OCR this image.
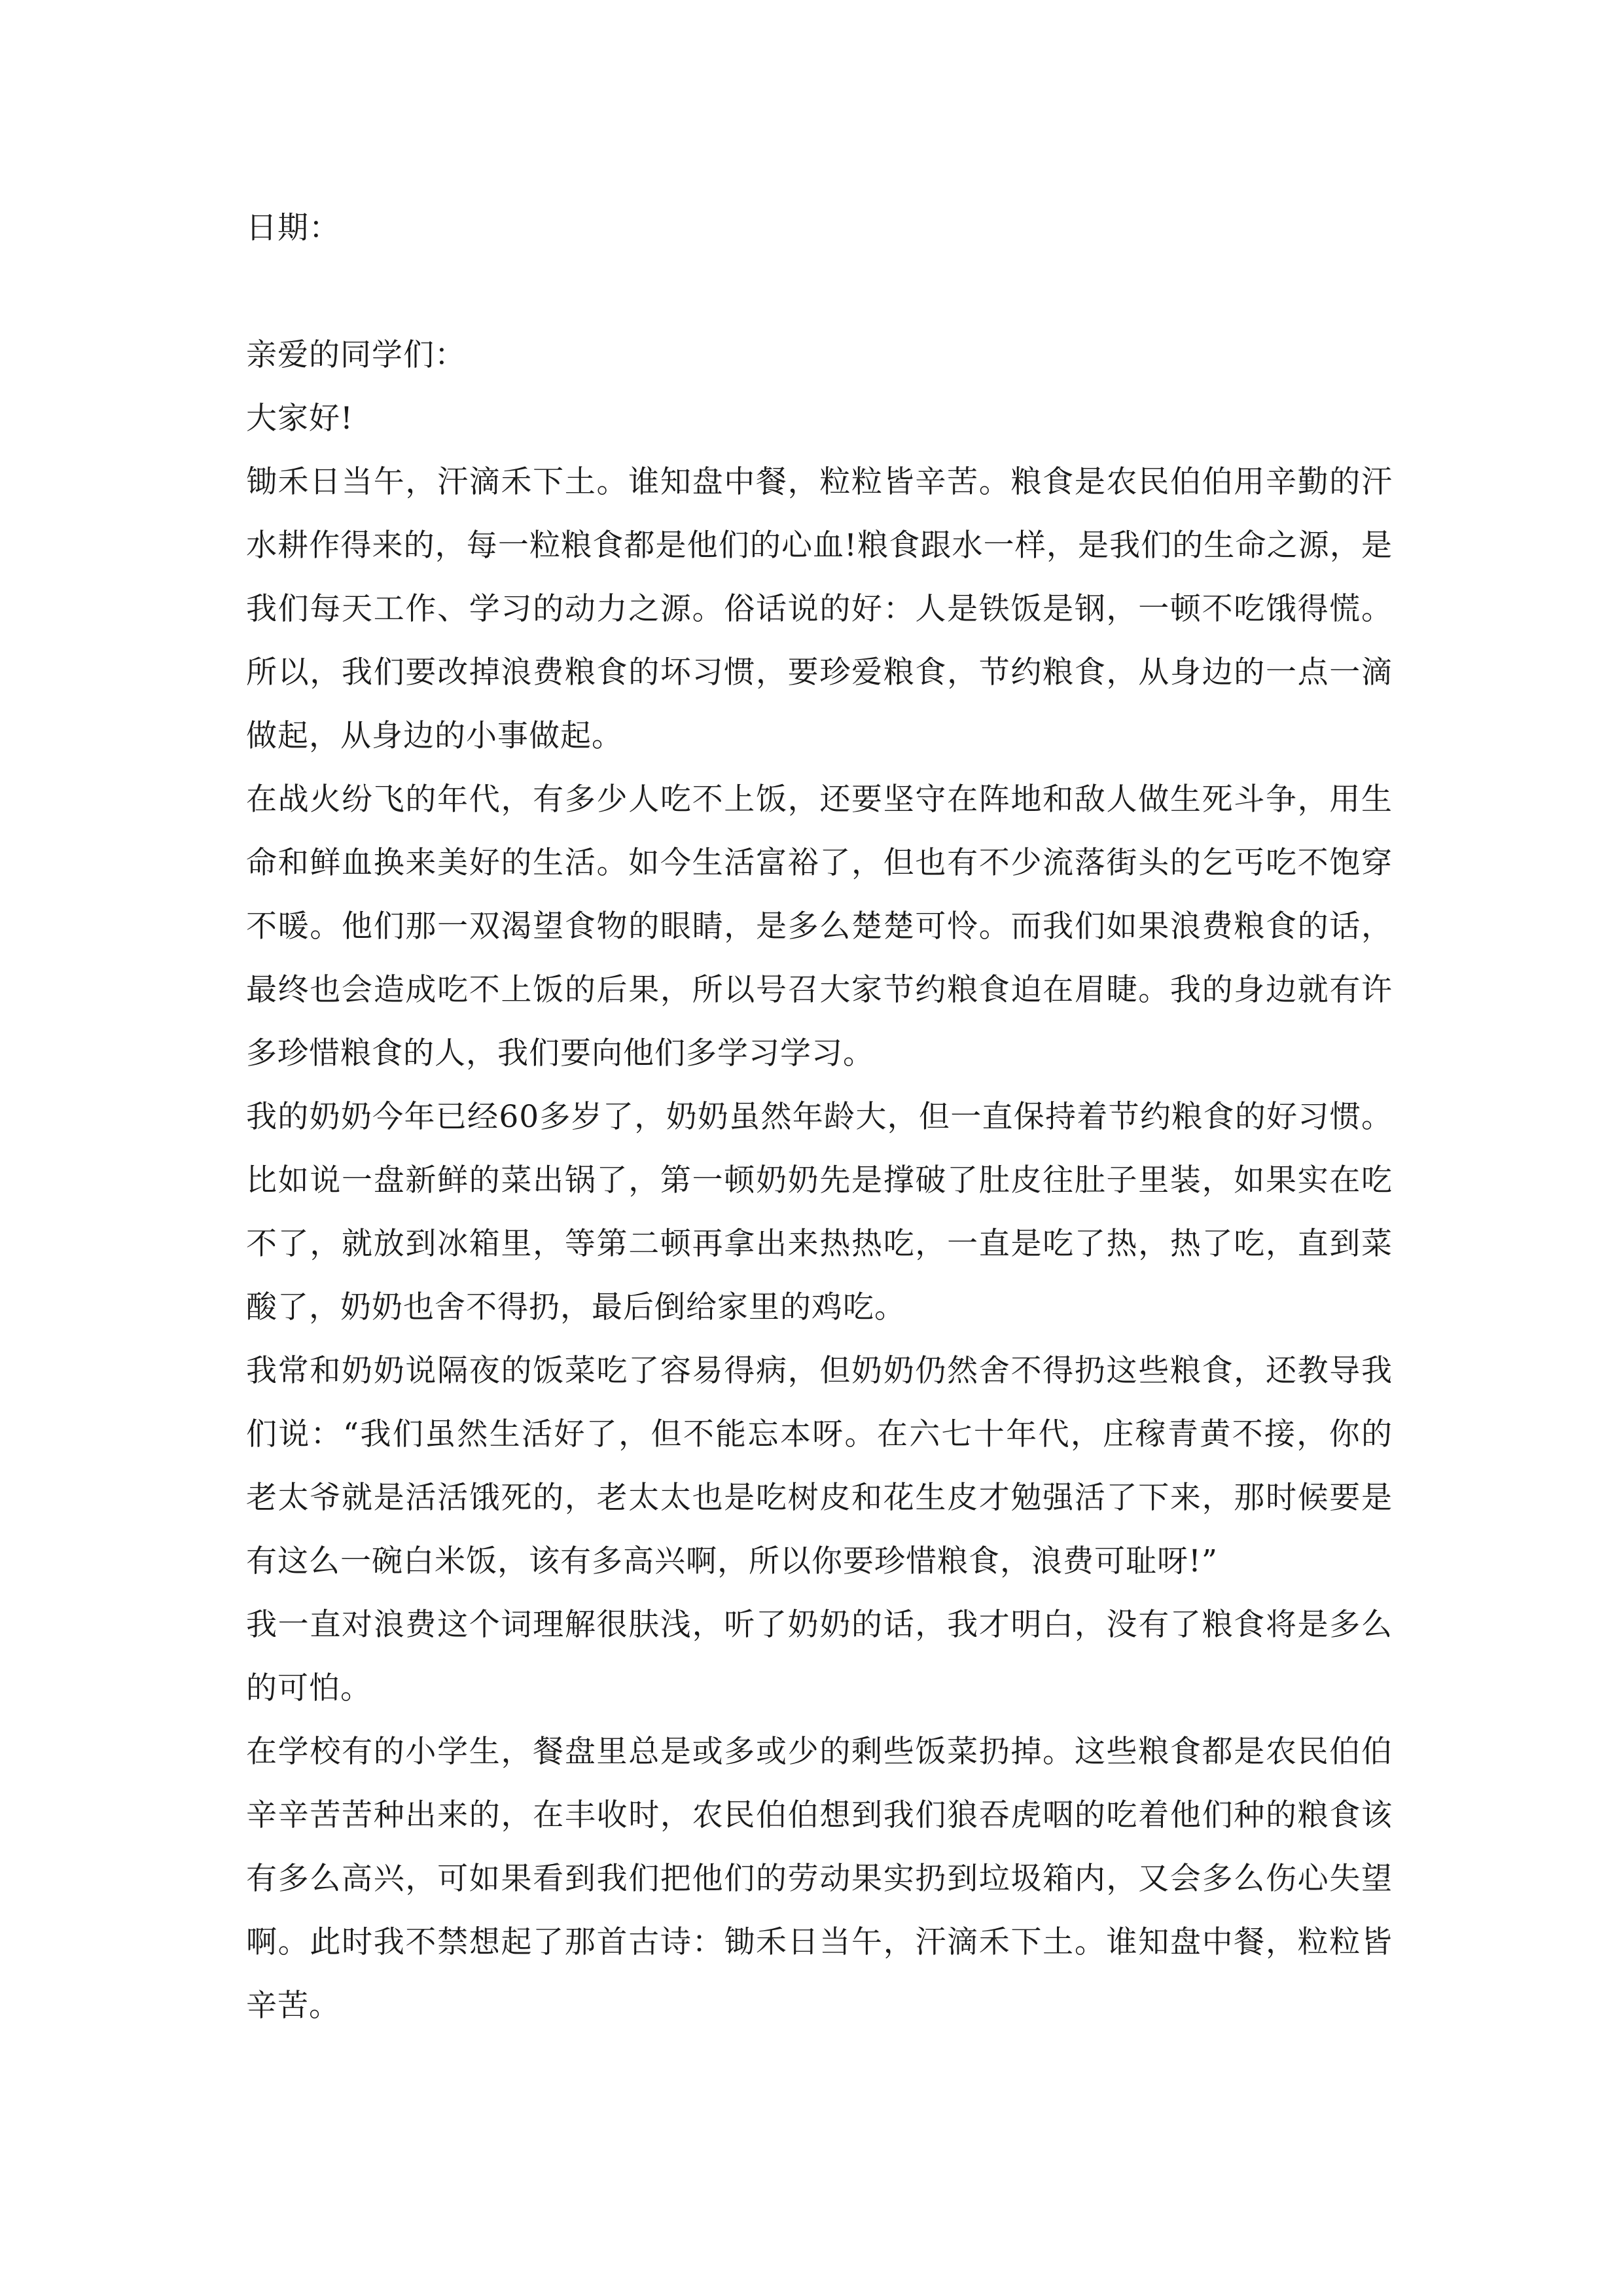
日期：

亲爱的同学们：

大家好!

锄禾日当午，汗滴禾下土。谁知盘中餐，粒粒皆辛苦。粮食是农民伯伯用辛勤的汗水耕作得来的，每一粒粮食都是他们的心血!粮食跟水一样，是我们的生命之源，是我们每天工作、学习的动力之源。俗话说的好：人是铁饭是钢，一顿不吃饿得慌。所以，我们要改掉浪费粮食的坏习惯，要珍爱粮食，节约粮食，从身边的一点一滴做起，从身边的小事做起。

在战火纷飞的年代，有多少人吃不上饭，还要坚守在阵地和敌人做生死斗争，用生命和鲜血换来美好的生活。如今生活富裕了，但也有不少流落街头的乞丐吃不饱穿不暖。他们那一双渴望食物的眼睛，是多么楚楚可怜。而我们如果浪费粮食的话，最终也会造成吃不上饭的后果，所以号召大家节约粮食迫在眉睫。我的身边就有许多珍惜粮食的人，我们要向他们多学习学习。

我的奶奶今年已经60多岁了，奶奶虽然年龄大，但一直保持着节约粮食的好习惯。比如说一盘新鲜的菜出锅了，第一顿奶奶先是撑破了肚皮往肚子里装，如果实在吃不了，就放到冰箱里，等第二顿再拿出来热热吃，一直是吃了热，热了吃，直到菜酸了，奶奶也舍不得扔，最后倒给家里的鸡吃。

我常和奶奶说隔夜的饭菜吃了容易得病，但奶奶仍然舍不得扔这些粮食，还教导我们说：“我们虽然生活好了，但不能忘本呀。在六七十年代，庄稼青黄不接，你的老太爷就是活活饿死的，老太太也是吃树皮和花生皮才勉强活了下来，那时候要是有这么一碗白米饭，该有多高兴啊，所以你要珍惜粮食，浪费可耻呀!”

我一直对浪费这个词理解很肤浅，听了奶奶的话，我才明白，没有了粮食将是多么的可怕。

在学校有的小学生，餐盘里总是或多或少的剩些饭菜扔掉。这些粮食都是农民伯伯辛辛苦苦种出来的，在丰收时，农民伯伯想到我们狼吞虎咽的吃着他们种的粮食该有多么高兴，可如果看到我们把他们的劳动果实扔到垃圾箱内，又会多么伤心失望啊。此时我不禁想起了那首古诗：锄禾日当午，汗滴禾下土。谁知盘中餐，粒粒皆辛苦。
